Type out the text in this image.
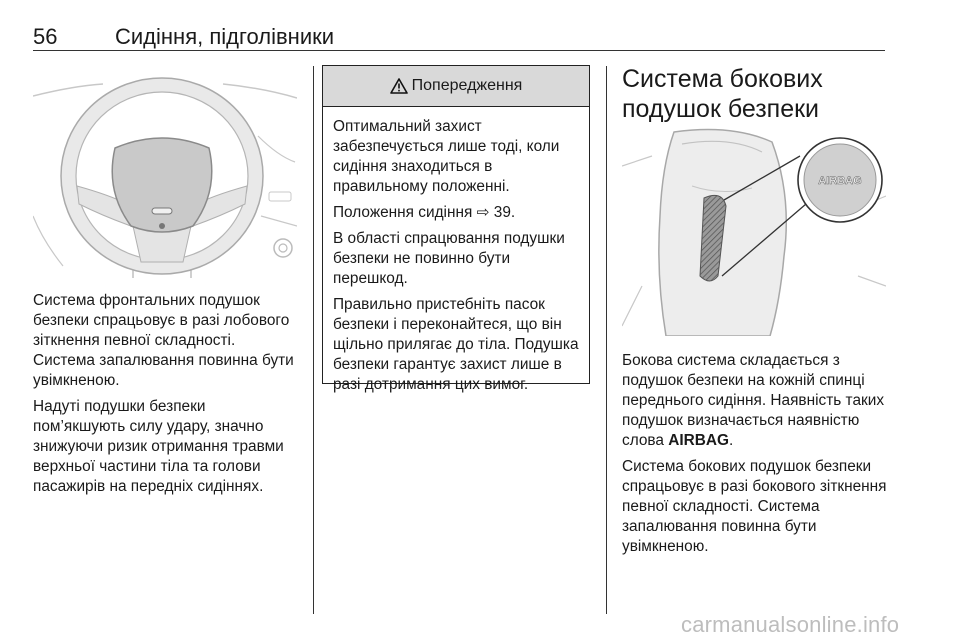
56	Сидіння, підголівники

Система фронтальних подушок безпеки спрацьовує в разі лобового зіткнення певної складності. Система запалювання повинна бути увімкненою.

Надуті подушки безпеки пом’якшують силу удару, значно знижуючи ризик отримання травми верхньої частини тіла та голови пасажирів на передніх сидіннях.

Попередження

Оптимальний захист забезпечується лише тоді, коли сидіння знаходиться в правильному положенні.

Положення сидіння ⇨ 39.

В області спрацювання подушки безпеки не повинно бути перешкод.

Правильно пристебніть пасок безпеки і переконайтеся, що він щільно прилягає до тіла. Подушка безпеки гарантує захист лише в разі дотримання цих вимог.

Система бокових подушок безпеки
AIRBAG

Бокова система складається з подушок безпеки на кожній спинці переднього сидіння. Наявність таких подушок визначається наявністю слова AIRBAG.

Система бокових подушок безпеки спрацьовує в разі бокового зіткнення певної складності. Система запалювання повинна бути увімкненою.

carmanualsonline.info
